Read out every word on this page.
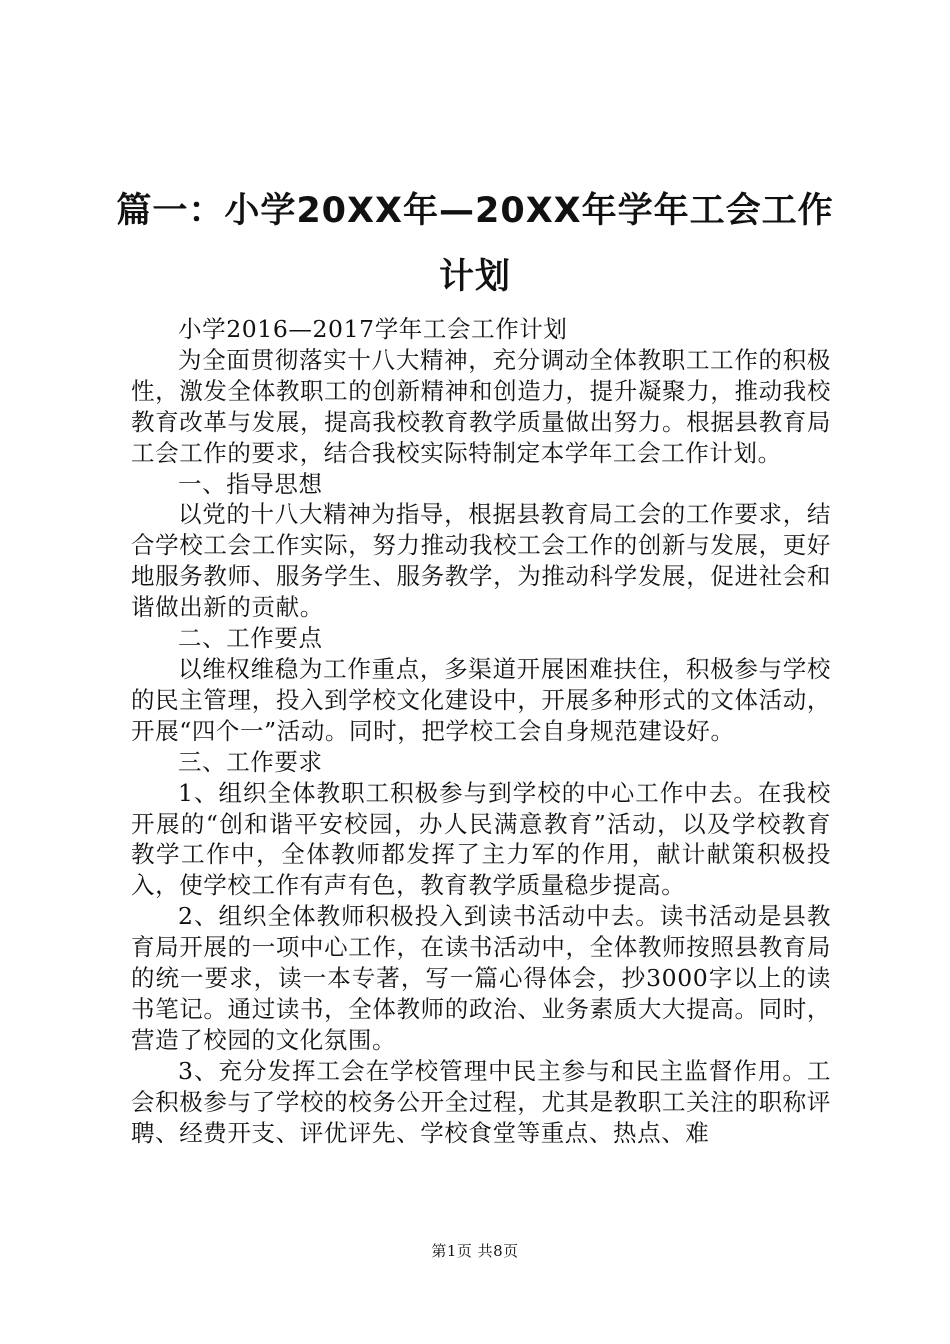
篇一：小学20XX年—20XX年学年工会工作计划

小学2016—2017学年工会工作计划

为全面贯彻落实十八大精神，充分调动全体教职工工作的积极性，激发全体教职工的创新精神和创造力，提升凝聚力，推动我校教育改革与发展，提高我校教育教学质量做出努力。根据县教育局工会工作的要求，结合我校实际特制定本学年工会工作计划。

一、指导思想

以党的十八大精神为指导，根据县教育局工会的工作要求，结合学校工会工作实际，努力推动我校工会工作的创新与发展，更好地服务教师、服务学生、服务教学，为推动科学发展，促进社会和谐做出新的贡献。

二、工作要点

以维权维稳为工作重点，多渠道开展困难扶住，积极参与学校的民主管理，投入到学校文化建设中，开展多种形式的文体活动，开展“四个一”活动。同时，把学校工会自身规范建设好。

三、工作要求

1、组织全体教职工积极参与到学校的中心工作中去。在我校开展的“创和谐平安校园，办人民满意教育”活动，以及学校教育教学工作中，全体教师都发挥了主力军的作用，献计献策积极投入，使学校工作有声有色，教育教学质量稳步提高。

2、组织全体教师积极投入到读书活动中去。读书活动是县教育局开展的一项中心工作，在读书活动中，全体教师按照县教育局的统一要求，读一本专著，写一篇心得体会，抄3000字以上的读书笔记。通过读书，全体教师的政治、业务素质大大提高。同时，营造了校园的文化氛围。

3、充分发挥工会在学校管理中民主参与和民主监督作用。工会积极参与了学校的校务公开全过程，尤其是教职工关注的职称评聘、经费开支、评优评先、学校食堂等重点、热点、难

第1页 共8页
